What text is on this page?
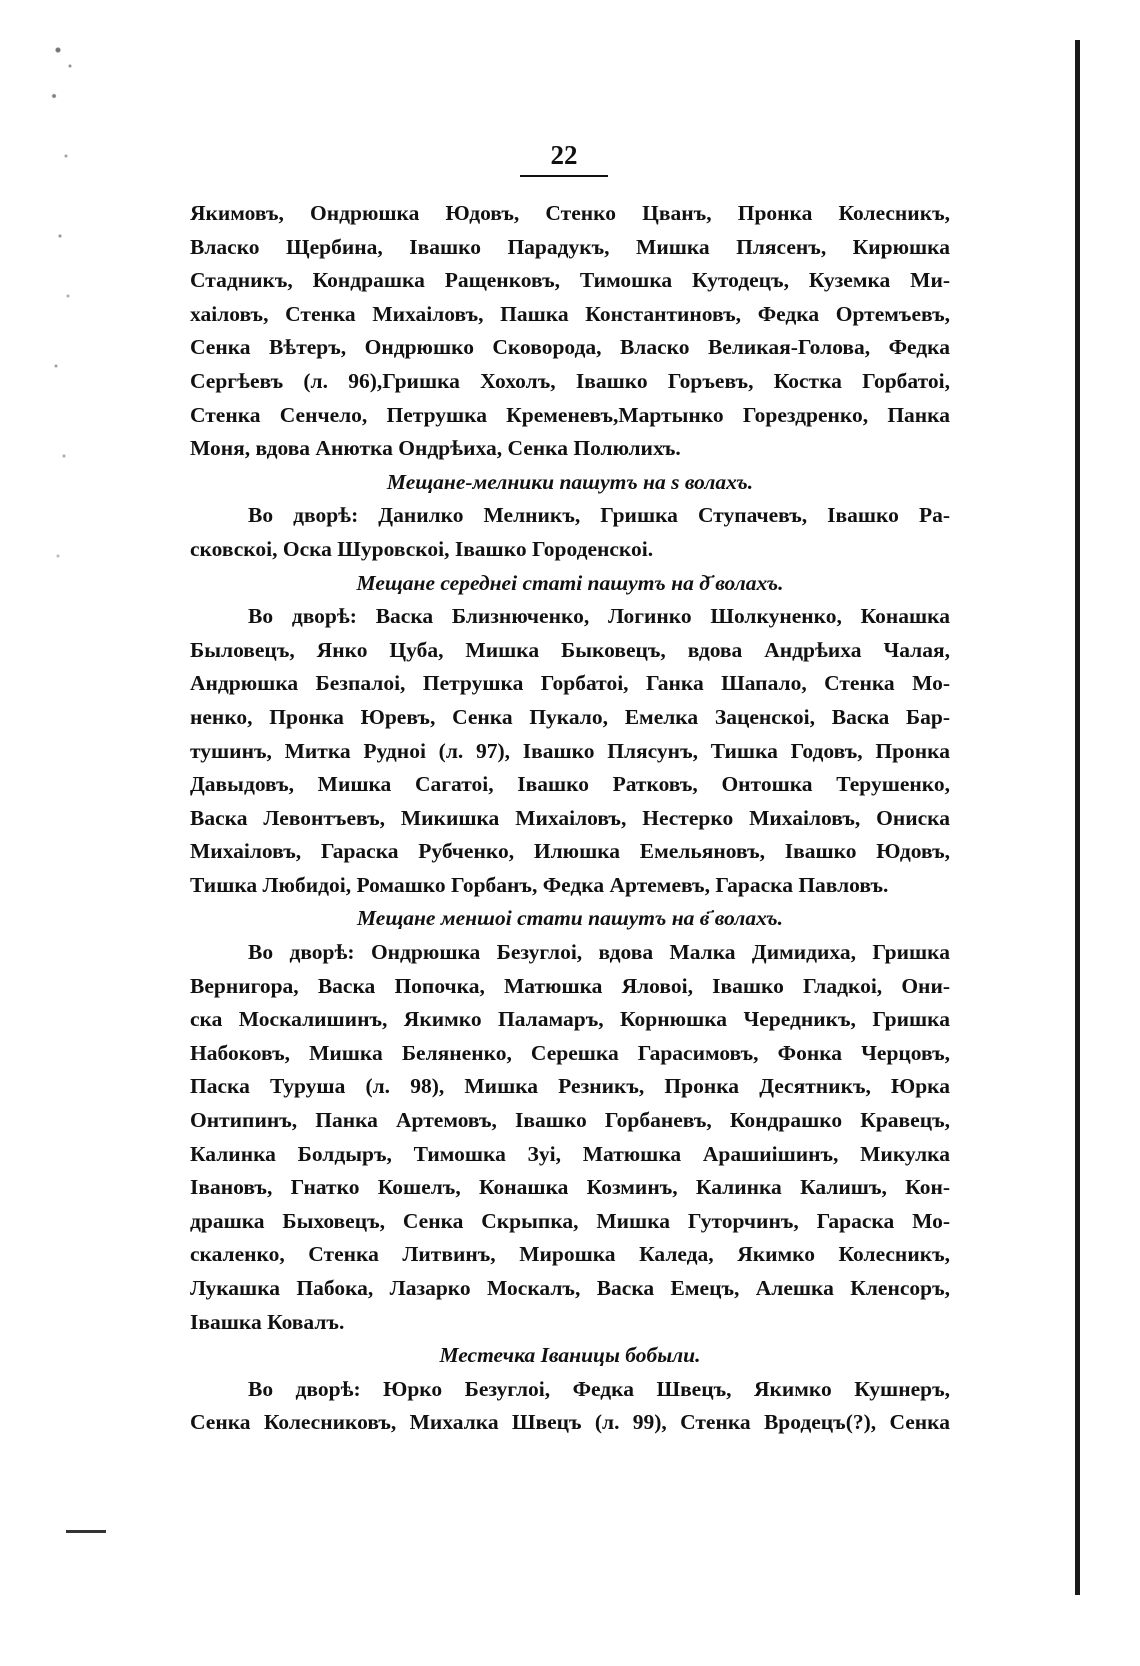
22

Якимовъ, Ондрюшка Юдовъ, Стенко Цванъ, Пронка Колесникъ,

Власко Щербина, Івашко Парадукъ, Мишка Плясенъ, Кирюшка

Стадникъ, Кондрашка Ращенковъ, Тимошка Кутодецъ, Куземка Ми-

хаіловъ, Стенка Михаіловъ, Пашка Константиновъ, Федка Ортемъевъ,

Сенка Вѣтеръ, Ондрюшко Сковорода, Власко Великая-Голова, Федка

Сергѣевъ (л. 96),Гришка Хохолъ, Івашко Горъевъ, Костка Горбатоі,

Стенка Сенчело, Петрушка Кременевъ,Мартынко Горездренко, Панка

Моня, вдова Анютка Ондрѣиха, Сенка Полюлихъ.

Мещане-мелники пашутъ на ѕ волахъ.

Во дворѣ: Данилко Мелникъ, Гришка Ступачевъ, Івашко Ра-

сковскоі, Оска Шуровскоі, Івашко Городенскоі.

Мещане середнеі статі пашутъ на д҃ волахъ.

Во дворѣ: Васка Близнюченко, Логинко Шолкуненко, Конашка

Быловецъ, Янко Цуба, Мишка Быковецъ, вдова Андрѣиха Чалая,

Андрюшка Безпалоі, Петрушка Горбатоі, Ганка Шапало, Стенка Мо-

ненко, Пронка Юревъ, Сенка Пукало, Емелка Заценскоі, Васка Бар-

тушинъ, Митка Рудноі (л. 97), Івашко Плясунъ, Тишка Годовъ, Пронка

Давыдовъ, Мишка Сагатоі, Івашко Ратковъ, Онтошка Терушенко,

Васка Левонтъевъ, Микишка Михаіловъ, Нестерко Михаіловъ, Ониска

Михаіловъ, Гараска Рубченко, Илюшка Емельяновъ, Івашко Юдовъ,

Тишка Любидоі, Ромашко Горбанъ, Федка Артемевъ, Гараска Павловъ.

Мещане меншоі стати пашутъ на в҃ волахъ.

Во дворѣ: Ондрюшка Безуглоі, вдова Малка Димидиха, Гришка

Вернигора, Васка Попочка, Матюшка Яловоі, Івашко Гладкоі, Они-

ска Москалишинъ, Якимко Паламаръ, Корнюшка Чередникъ, Гришка

Набоковъ, Мишка Беляненко, Серешка Гарасимовъ, Фонка Черцовъ,

Паска Туруша (л. 98), Мишка Резникъ, Пронка Десятникъ, Юрка

Онтипинъ, Панка Артемовъ, Івашко Горбаневъ, Кондрашко Кравецъ,

Калинка Болдыръ, Тимошка Зуі, Матюшка Арашиішинъ, Микулка

Івановъ, Гнатко Кошелъ, Конашка Козминъ, Калинка Калишъ, Кон-

драшка Быховецъ, Сенка Скрыпка, Мишка Гуторчинъ, Гараска Мо-

скаленко, Стенка Литвинъ, Мирошка Каледа, Якимко Колесникъ,

Лукашка Пабока, Лазарко Москалъ, Васка Емецъ, Алешка Кленсоръ,

Івашка Ковалъ.

Местечка Іваницы бобыли.

Во дворѣ: Юрко Безуглоі, Федка Швецъ, Якимко Кушнеръ,

Сенка Колесниковъ, Михалка Швецъ (л. 99), Стенка Вродецъ(?), Сенка
